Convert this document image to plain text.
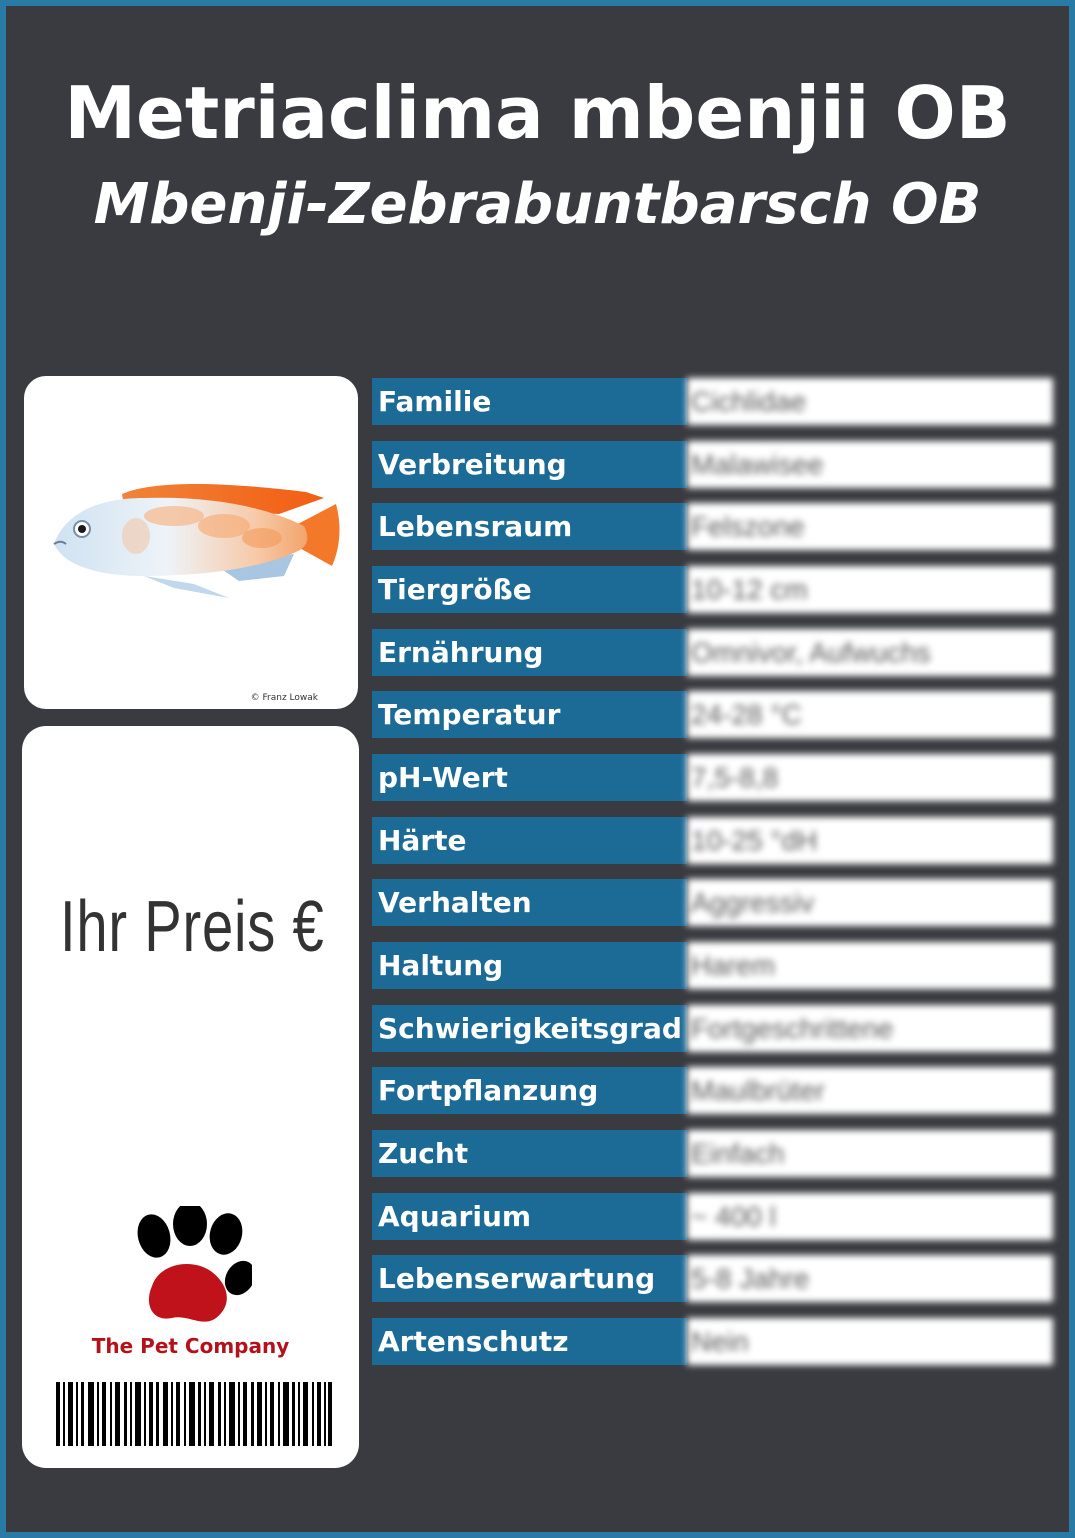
Metriaclima mbenjii OB
Mbenji-Zebrabuntbarsch OB
© Franz Lowak
Ihr Preis €
The Pet Company
Familie	Cichlidae
Verbreitung	Malawisee
Lebensraum	Felszone
Tiergröße	10-12 cm
Ernährung	Omnivor, Aufwuchs
Temperatur	24-28 °C
pH-Wert	7,5-8,8
Härte	10-25 °dH
Verhalten	Aggressiv
Haltung	Harem
Schwierigkeitsgrad Fortgeschrittene
Fortpflanzung	Maulbrüter
Zucht	Einfach
Aquarium	~ 400 l
Lebenserwartung	5-8 Jahre
Artenschutz	Nein
